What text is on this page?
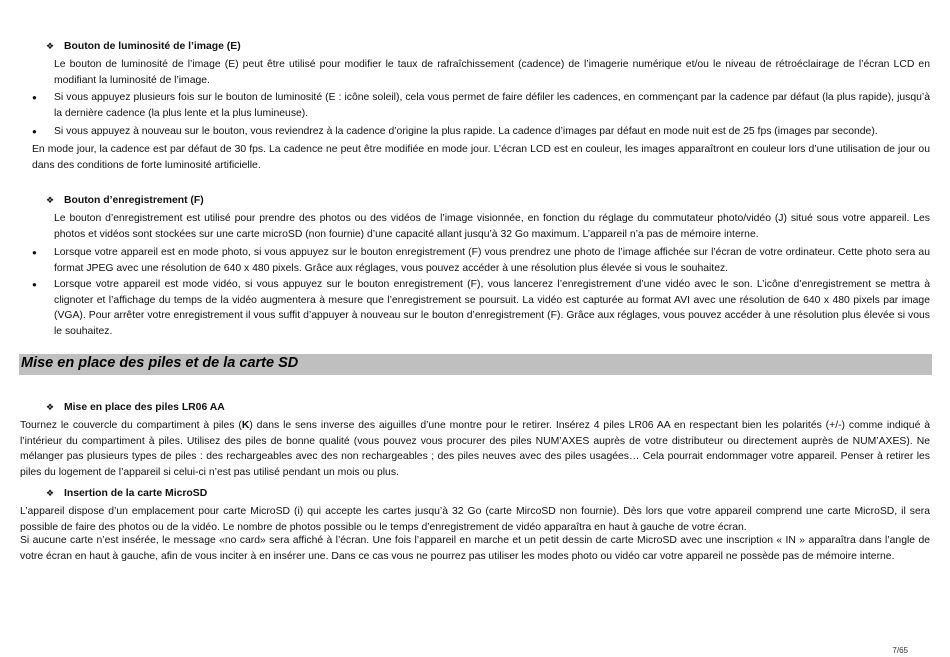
❖ Bouton de luminosité de l’image (E)
Le bouton de luminosité de l’image (E) peut être utilisé pour modifier le taux de rafraîchissement (cadence) de l’imagerie numérique et/ou le niveau de rétroéclairage de l’écran LCD en modifiant la luminosité de l’image.
● Si vous appuyez plusieurs fois sur le bouton de luminosité (E : icône soleil), cela vous permet de faire défiler les cadences, en commençant par la cadence par défaut (la plus rapide), jusqu’à la dernière cadence (la plus lente et la plus lumineuse).
● Si vous appuyez à nouveau sur le bouton, vous reviendrez à la cadence d’origine la plus rapide. La cadence d’images par défaut en mode nuit est de 25 fps (images par seconde).
En mode jour, la cadence est par défaut de 30 fps. La cadence ne peut être modifiée en mode jour. L’écran LCD est en couleur, les images apparaîtront en couleur lors d’une utilisation de jour ou dans des conditions de forte luminosité artificielle.
❖ Bouton d’enregistrement (F)
Le bouton d’enregistrement est utilisé pour prendre des photos ou des vidéos de l’image visionnée, en fonction du réglage du commutateur photo/vidéo (J) situé sous votre appareil. Les photos et vidéos sont stockées sur une carte microSD (non fournie) d’une capacité allant jusqu’à 32 Go maximum. L’appareil n’a pas de mémoire interne.
● Lorsque votre appareil est en mode photo, si vous appuyez sur le bouton enregistrement (F) vous prendrez une photo de l’image affichée sur l’écran de votre ordinateur. Cette photo sera au format JPEG avec une résolution de 640 x 480 pixels. Grâce aux réglages, vous pouvez accéder à une résolution plus élevée si vous le souhaitez.
● Lorsque votre appareil est mode vidéo, si vous appuyez sur le bouton enregistrement (F), vous lancerez l’enregistrement d’une vidéo avec le son. L’icône d’enregistrement se mettra à clignoter et l’affichage du temps de la vidéo augmentera à mesure que l’enregistrement se poursuit. La vidéo est capturée au format AVI avec une résolution de 640 x 480 pixels par image (VGA). Pour arrêter votre enregistrement il vous suffit d’appuyer à nouveau sur le bouton d’enregistrement (F). Grâce aux réglages, vous pouvez accéder à une résolution plus élevée si vous le souhaitez.
Mise en place des piles et de la carte SD
❖ Mise en place des piles LR06 AA
Tournez le couvercle du compartiment à piles (K) dans le sens inverse des aiguilles d’une montre pour le retirer. Insérez 4 piles LR06 AA en respectant bien les polarités (+/-) comme indiqué à l’intérieur du compartiment à piles. Utilisez des piles de bonne qualité (vous pouvez vous procurer des piles NUM’AXES auprès de votre distributeur ou directement auprès de NUM’AXES). Ne mélanger pas plusieurs types de piles : des rechargeables avec des non rechargeables ; des piles neuves avec des piles usagées… Cela pourrait endommager votre appareil. Penser à retirer les piles du logement de l’appareil si celui-ci n’est pas utilisé pendant un mois ou plus.
❖ Insertion de la carte MicroSD
L’appareil dispose d’un emplacement pour carte MicroSD (i) qui accepte les cartes jusqu’à 32 Go (carte MircoSD non fournie). Dès lors que votre appareil comprend une carte MicroSD, il sera possible de faire des photos ou de la vidéo. Le nombre de photos possible ou le temps d’enregistrement de vidéo apparaîtra en haut à gauche de votre écran.
Si aucune carte n’est insérée, le message «no card» sera affiché à l’écran. Une fois l’appareil en marche et un petit dessin de carte MicroSD avec une inscription « IN » apparaîtra dans l’angle de votre écran en haut à gauche, afin de vous inciter à en insérer une. Dans ce cas vous ne pourrez pas utiliser les modes photo ou vidéo car votre appareil ne possède pas de mémoire interne.
7/65
